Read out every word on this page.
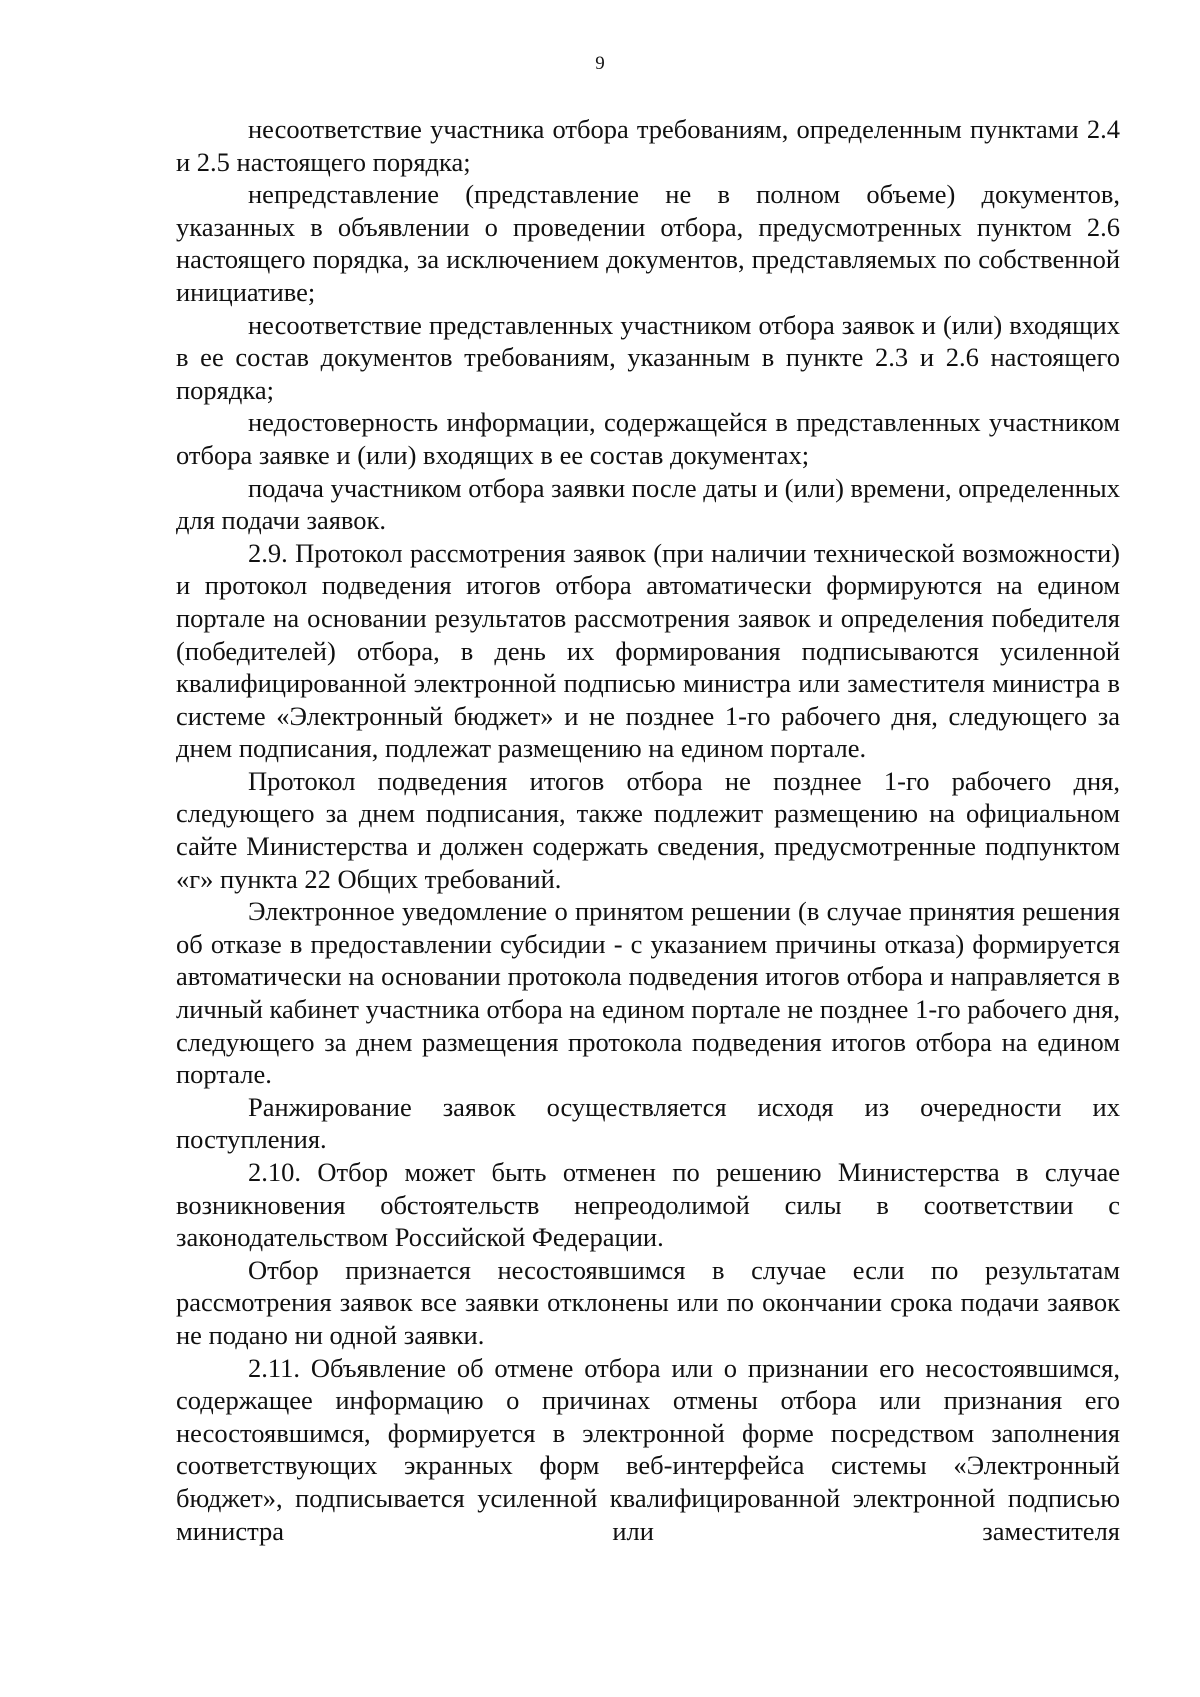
9

несоответствие участника отбора требованиям, определенным пунктами 2.4 и 2.5 настоящего порядка;

непредставление (представление не в полном объеме) документов, указанных в объявлении о проведении отбора, предусмотренных пунктом 2.6 настоящего порядка, за исключением документов, представляемых по собственной инициативе;

несоответствие представленных участником отбора заявок и (или) входящих в ее состав документов требованиям, указанным в пункте 2.3 и 2.6 настоящего порядка;

недостоверность информации, содержащейся в представленных участником отбора заявке и (или) входящих в ее состав документах;

подача участником отбора заявки после даты и (или) времени, определенных для подачи заявок.

2.9. Протокол рассмотрения заявок (при наличии технической возможности) и протокол подведения итогов отбора автоматически формируются на едином портале на основании результатов рассмотрения заявок и определения победителя (победителей) отбора, в день их формирования подписываются усиленной квалифицированной электронной подписью министра или заместителя министра в системе «Электронный бюджет» и не позднее 1-го рабочего дня, следующего за днем подписания, подлежат размещению на едином портале.

Протокол подведения итогов отбора не позднее 1-го рабочего дня, следующего за днем подписания, также подлежит размещению на официальном сайте Министерства и должен содержать сведения, предусмотренные подпунктом «г» пункта 22 Общих требований.

Электронное уведомление о принятом решении (в случае принятия решения об отказе в предоставлении субсидии - с указанием причины отказа) формируется автоматически на основании протокола подведения итогов отбора и направляется в личный кабинет участника отбора на едином портале не позднее 1-го рабочего дня, следующего за днем размещения протокола подведения итогов отбора на едином портале.

Ранжирование заявок осуществляется исходя из очередности их поступления.

2.10. Отбор может быть отменен по решению Министерства в случае возникновения обстоятельств непреодолимой силы в соответствии с законодательством Российской Федерации.

Отбор признается несостоявшимся в случае если по результатам рассмотрения заявок все заявки отклонены или по окончании срока подачи заявок не подано ни одной заявки.

2.11. Объявление об отмене отбора или о признании его несостоявшимся, содержащее информацию о причинах отмены отбора или признания его несостоявшимся, формируется в электронной форме посредством заполнения соответствующих экранных форм веб-интерфейса системы «Электронный бюджет», подписывается усиленной квалифицированной электронной подписью министра или заместителя
